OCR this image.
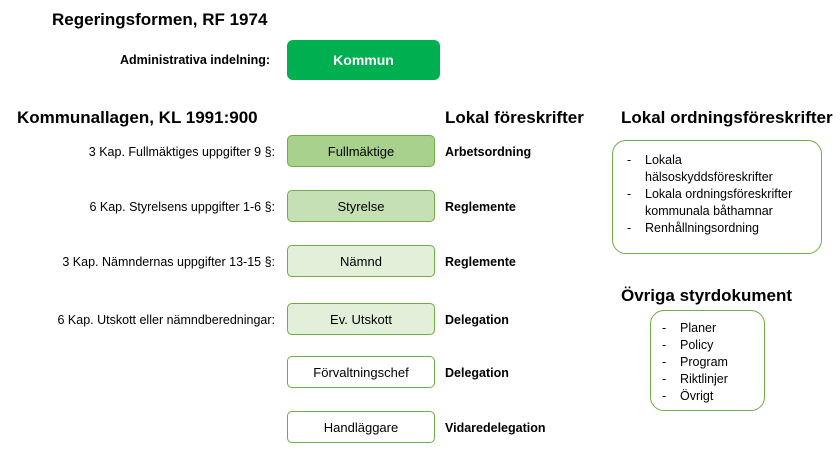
Regeringsformen, RF 1974
Kommunallagen, KL 1991:900	Lokal föreskrifter Lokal ordningsföreskrifter
Övriga styrdokument
Administrativa indelning:	Kommun
3 Kap. Fullmäktiges uppgifter 9 §:
6 Kap. Styrelsens uppgifter 1-6 §:
3 Kap. Nämndernas uppgifter 13-15 §:
6 Kap. Utskott eller nämndberedningar:
Fullmäktige
Styrelse
Nämnd
Ev. Utskott
Förvaltningschef
Handläggare
Arbetsordning
Reglemente
Reglemente
Delegation
Delegation
Vidaredelegation
- Lokala hälsoskyddsföreskrifter
- Lokala ordningsföreskrifter kommunala båthamnar
- Renhållningsordning
- Planer
- Policy
- Program
- Riktlinjer
- Övrigt
